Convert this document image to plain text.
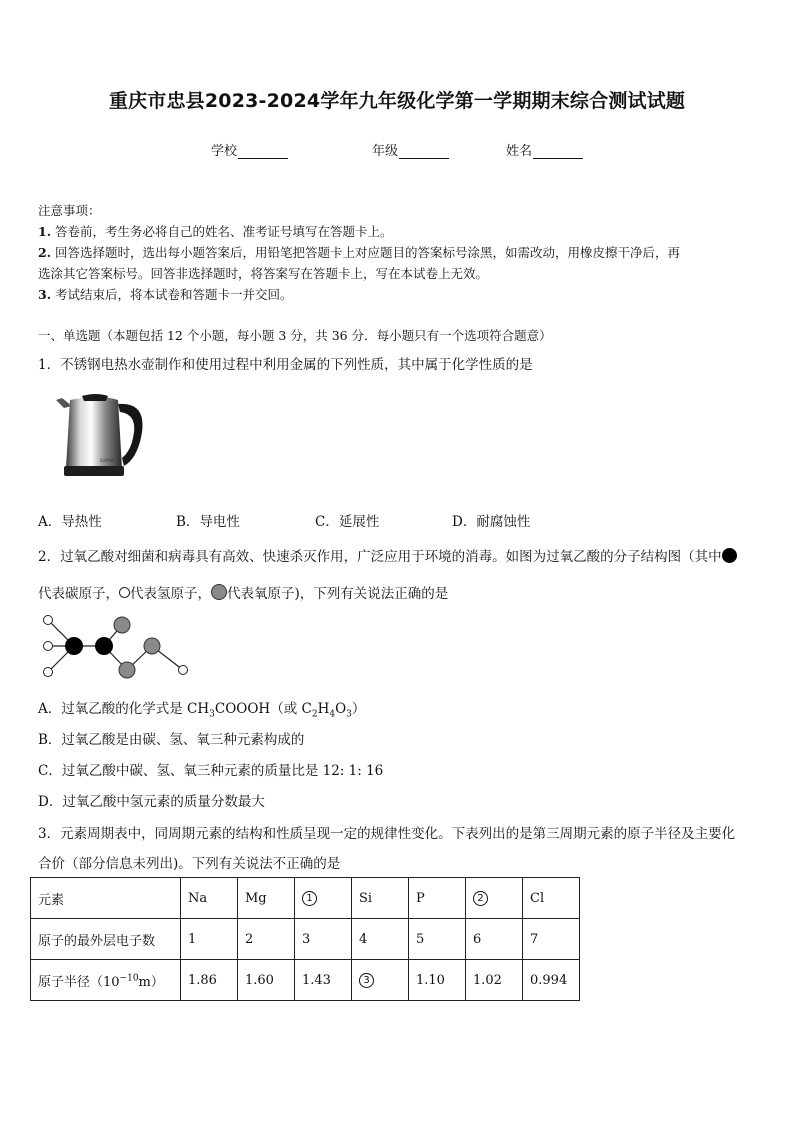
重庆市忠县2023-2024学年九年级化学第一学期期末综合测试试题
学校	年级	姓名
注意事项：
1. 答卷前，考生务必将自己的姓名、准考证号填写在答题卡上。
2. 回答选择题时，选出每小题答案后，用铅笔把答题卡上对应题目的答案标号涂黑，如需改动，用橡皮擦干净后，再
选涂其它答案标号。回答非选择题时，将答案写在答题卡上，写在本试卷上无效。
3. 考试结束后，将本试卷和答题卡一并交回。
一、单选题（本题包括 12 个小题，每小题 3 分，共 36 分．每小题只有一个选项符合题意）
1．不锈钢电热水壶制作和使用过程中利用金属的下列性质，其中属于化学性质的是
SUPOR
A．导热性	B．导电性	C．延展性	D．耐腐蚀性
2．过氧乙酸对细菌和病毒具有高效、快速杀灭作用，广泛应用于环境的消毒。如图为过氧乙酸的分子结构图（其中
代表碳原子， 代表氢原子， 代表氧原子)，下列有关说法正确的是
A．过氧乙酸的化学式是 $CH_3COOOH$（或 $C_2H_4O_3$）
B．过氧乙酸是由碳、氢、氧三种元素构成的
C．过氧乙酸中碳、氢、氧三种元素的质量比是 12: 1: 16
D．过氧乙酸中氢元素的质量分数最大
3．元素周期表中，同周期元素的结构和性质呈现一定的规律性变化。下表列出的是第三周期元素的原子半径及主要化
合价（部分信息未列出)。下列有关说法不正确的是
元素	Na	Mg	1	Si	P	2	Cl
原子的最外层电子数	1	2	3	4	5	6	7
原子半径$(10^{-10}m)$	1.86	1.60	1.43	3	1.10	1.02	0.994
